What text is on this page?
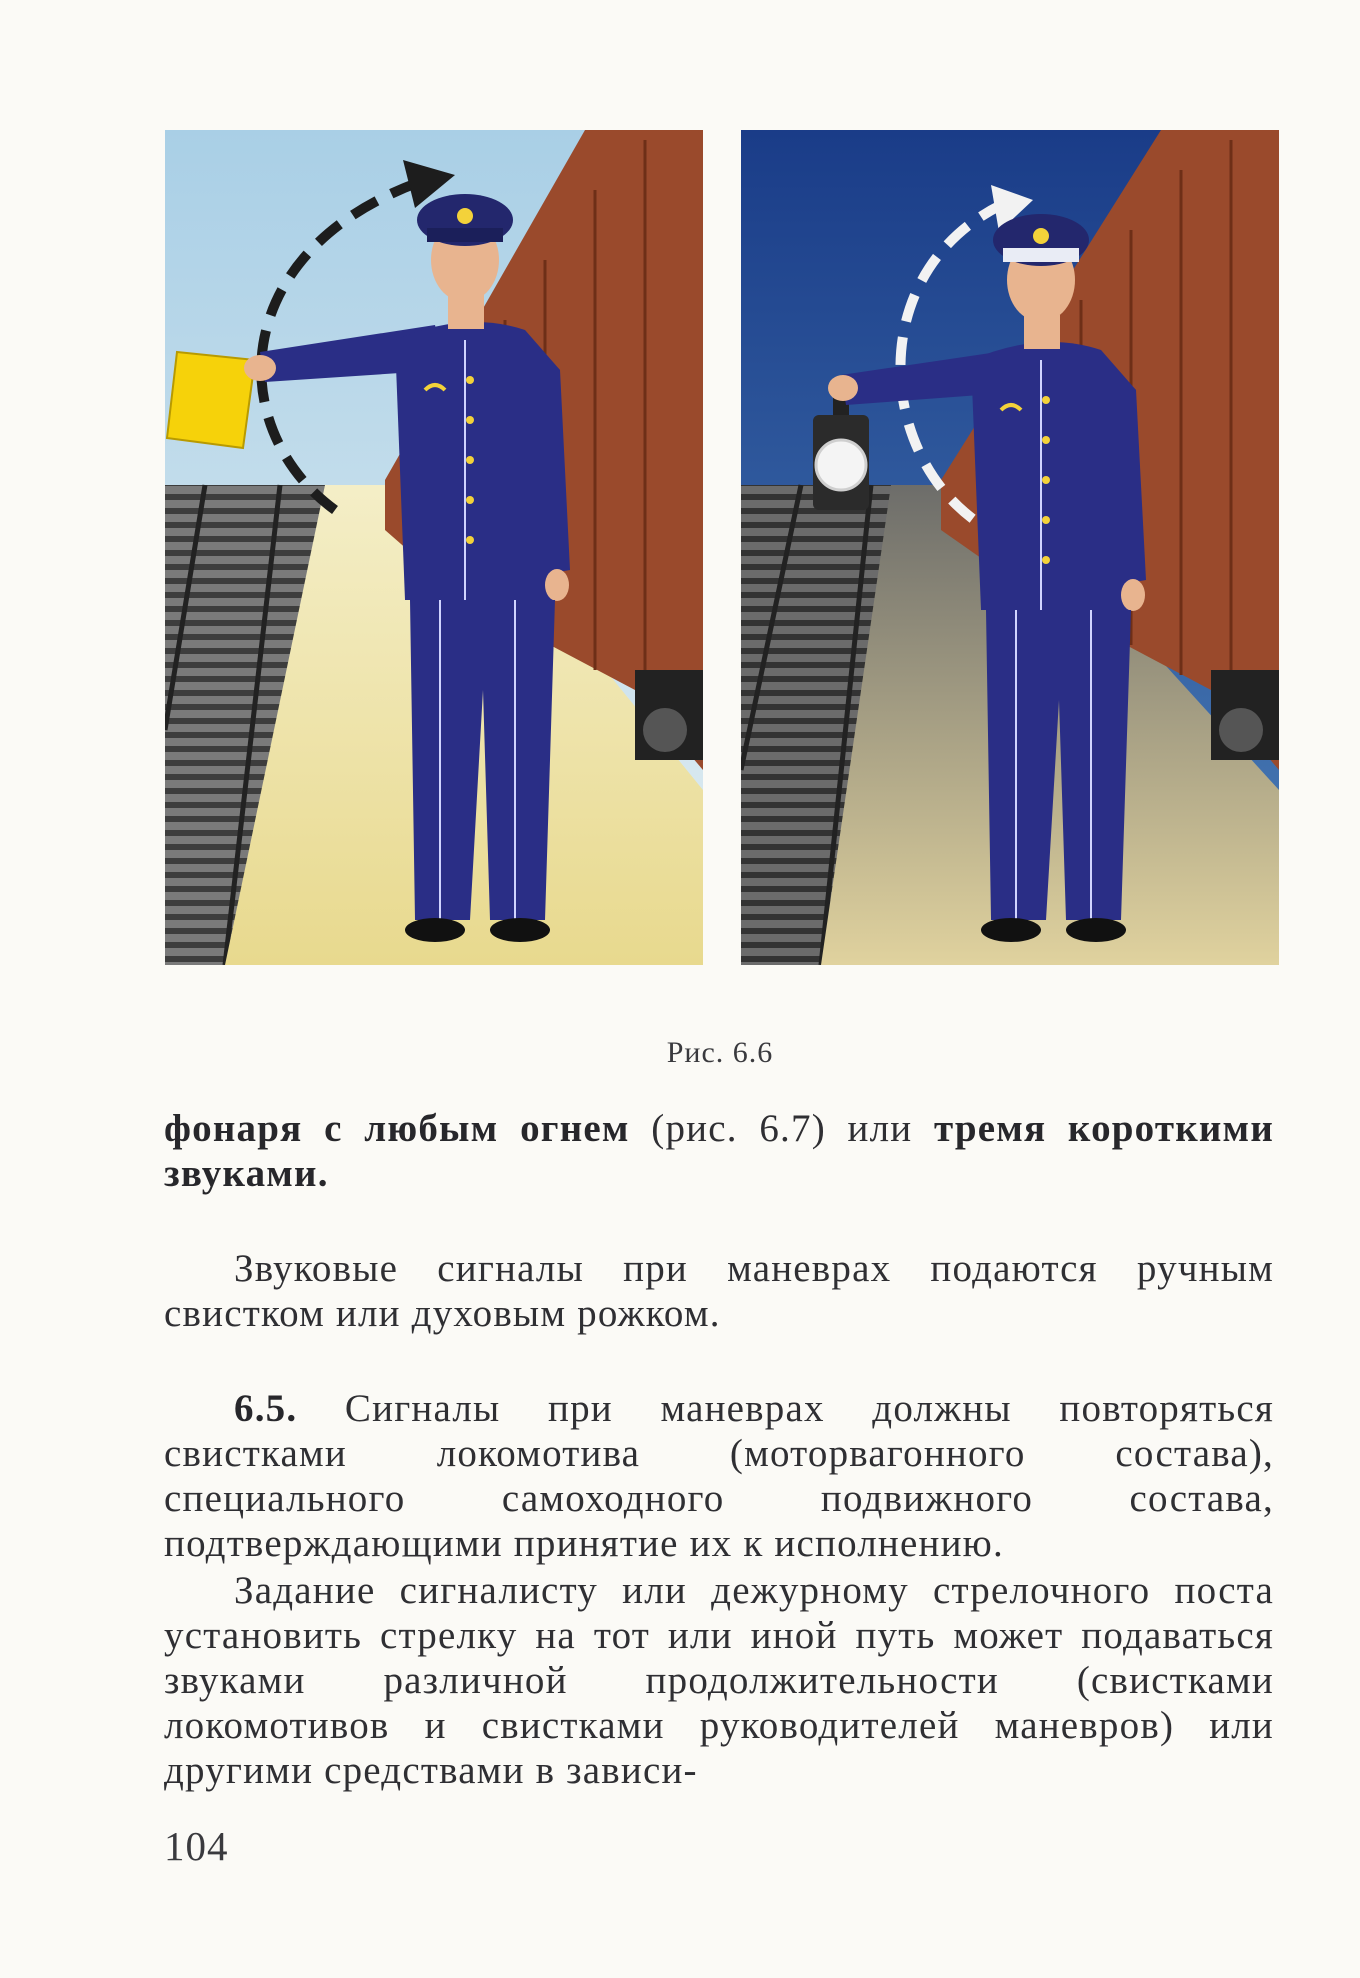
Рис. 6.6

фонаря с любым огнем (рис. 6.7) или тремя короткими звуками.

Звуковые сигналы при маневрах подаются ручным свистком или духовым рожком.

6.5. Сигналы при маневрах должны повторяться свистками локомотива (моторвагонного состава), специального самоходного подвижного состава, подтверждающими принятие их к исполнению.

Задание сигналисту или дежурному стрелочного поста установить стрелку на тот или иной путь может подаваться звуками различной продолжительности (свистками локомотивов и свистками руководителей маневров) или другими средствами в зависи-

104
